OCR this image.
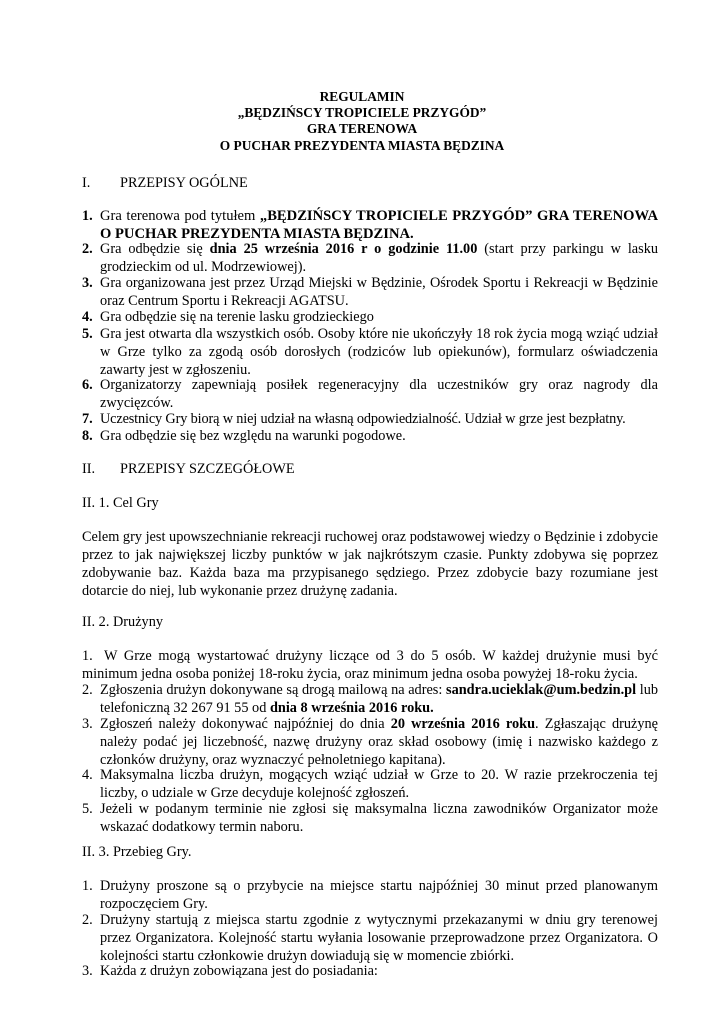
REGULAMIN
„BĘDZIŃSCY TROPICIELE PRZYGÓD”
GRA TERENOWA
O PUCHAR PREZYDENTA MIASTA BĘDZINA
I. PRZEPISY OGÓLNE
1. Gra terenowa pod tytułem „BĘDZIŃSCY TROPICIELE PRZYGÓD” GRA TERENOWA O PUCHAR PREZYDENTA MIASTA BĘDZINA.
2. Gra odbędzie się dnia 25 września 2016 r o godzinie 11.00 (start przy parkingu w lasku grodzieckim od ul. Modrzewiowej).
3. Gra organizowana jest przez Urząd Miejski w Będzinie, Ośrodek Sportu i Rekreacji w Będzinie oraz Centrum Sportu i Rekreacji AGATSU.
4. Gra odbędzie się na terenie lasku grodzieckiego
5. Gra jest otwarta dla wszystkich osób. Osoby które nie ukończyły 18 rok życia mogą wziąć udział w Grze tylko za zgodą osób dorosłych (rodziców lub opiekunów), formularz oświadczenia zawarty jest w zgłoszeniu.
6. Organizatorzy zapewniają posiłek regeneracyjny dla uczestników gry oraz nagrody dla zwycięzców.
7. Uczestnicy Gry biorą w niej udział na własną odpowiedzialność. Udział w grze jest bezpłatny.
8. Gra odbędzie się bez względu na warunki pogodowe.
II. PRZEPISY SZCZEGÓŁOWE
II. 1. Cel Gry
Celem gry jest upowszechnianie rekreacji ruchowej oraz podstawowej wiedzy o Będzinie i zdobycie przez to jak największej liczby punktów w jak najkrótszym czasie. Punkty zdobywa się poprzez zdobywanie baz. Każda baza ma przypisanego sędziego. Przez zdobycie bazy rozumiane jest dotarcie do niej, lub wykonanie przez drużynę zadania.
II. 2. Drużyny
1. W Grze mogą wystartować drużyny liczące od 3 do 5 osób. W każdej drużynie musi być minimum jedna osoba poniżej 18-roku życia, oraz minimum jedna osoba powyżej 18-roku życia.
2. Zgłoszenia drużyn dokonywane są drogą mailową na adres: sandra.ucieklak@um.bedzin.pl lub telefoniczną 32 267 91 55 od dnia 8 września 2016 roku.
3. Zgłoszeń należy dokonywać najpóźniej do dnia 20 września 2016 roku. Zgłaszając drużynę należy podać jej liczebność, nazwę drużyny oraz skład osobowy (imię i nazwisko każdego z członków drużyny, oraz wyznaczyć pełnoletniego kapitana).
4. Maksymalna liczba drużyn, mogących wziąć udział w Grze to 20. W razie przekroczenia tej liczby, o udziale w Grze decyduje kolejność zgłoszeń.
5. Jeżeli w podanym terminie nie zgłosi się maksymalna liczna zawodników Organizator może wskazać dodatkowy termin naboru.
II. 3. Przebieg Gry.
1. Drużyny proszone są o przybycie na miejsce startu najpóźniej 30 minut przed planowanym rozpoczęciem Gry.
2. Drużyny startują z miejsca startu zgodnie z wytycznymi przekazanymi w dniu gry terenowej przez Organizatora. Kolejność startu wyłania losowanie przeprowadzone przez Organizatora. O kolejności startu członkowie drużyn dowiadują się w momencie zbiórki.
3. Każda z drużyn zobowiązana jest do posiadania:
